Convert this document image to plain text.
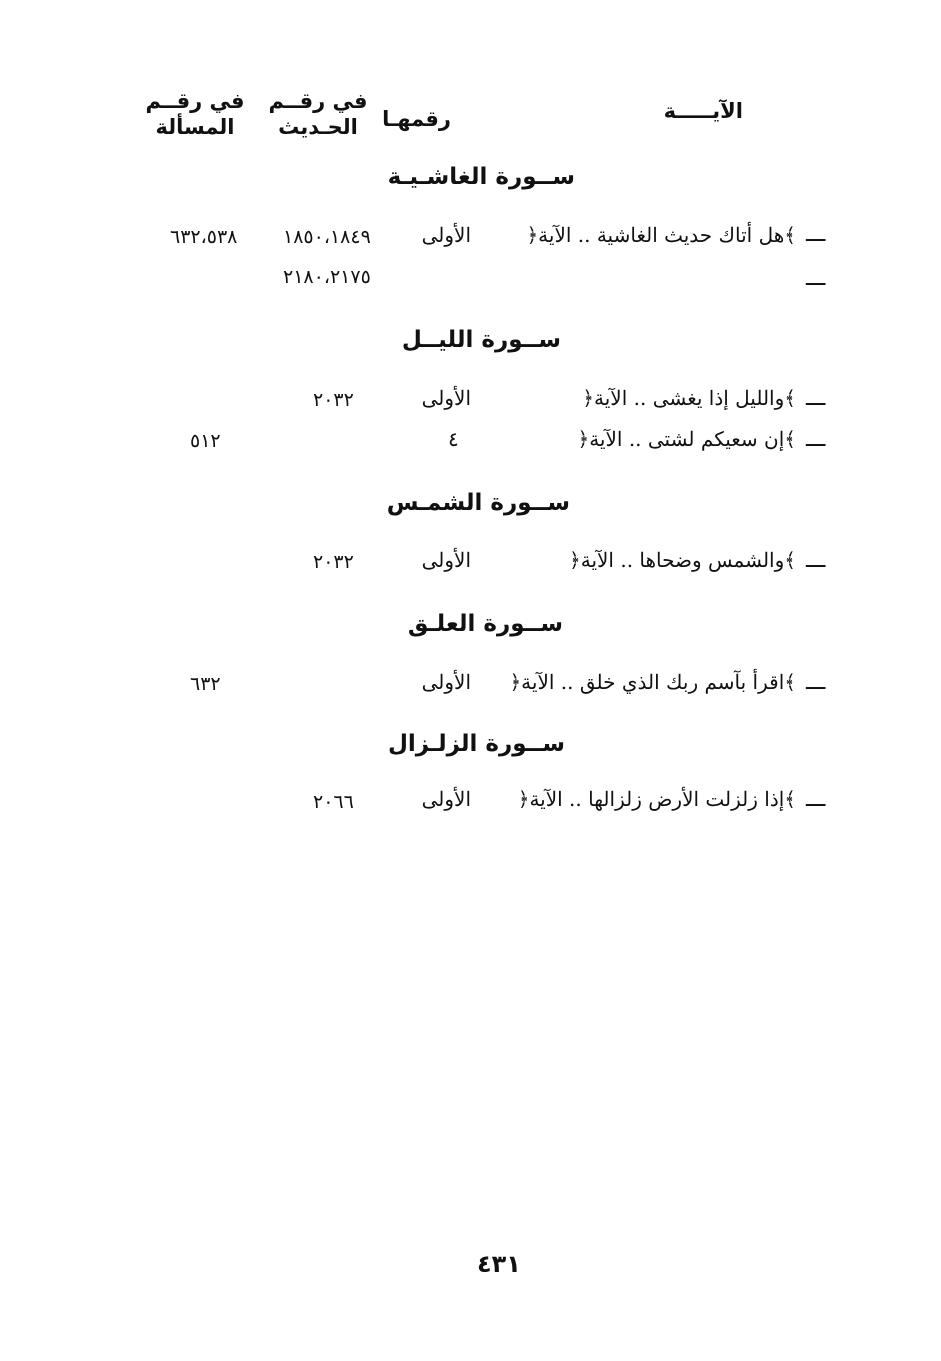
الآيـــــة
رقمهـا
في رقــم
الحـديث
في رقــم
المسألة
ســورة الغاشـيـة
ـــ
﴿هل أتاك حديث الغاشية .. الآية﴾
الأولى
١٨٥٠،١٨٤٩
٦٣٢،٥٣٨
ـــ
٢١٨٠،٢١٧٥
ســورة الليــل
ـــ
﴿والليل إذا يغشى .. الآية﴾
الأولى
٢٠٣٢
ـــ
﴿إن سعيكم لشتى .. الآية﴾
٤
٥١٢
ســورة الشمـس
ـــ
﴿والشمس وضحاها .. الآية﴾
الأولى
٢٠٣٢
ســورة العلـق
ـــ
﴿اقرأ بآسم ربك الذي خلق .. الآية﴾
الأولى
٦٣٢
ســورة الزلـزال
ـــ
﴿إذا زلزلت الأرض زلزالها .. الآية﴾
الأولى
٢٠٦٦
٤٣١
